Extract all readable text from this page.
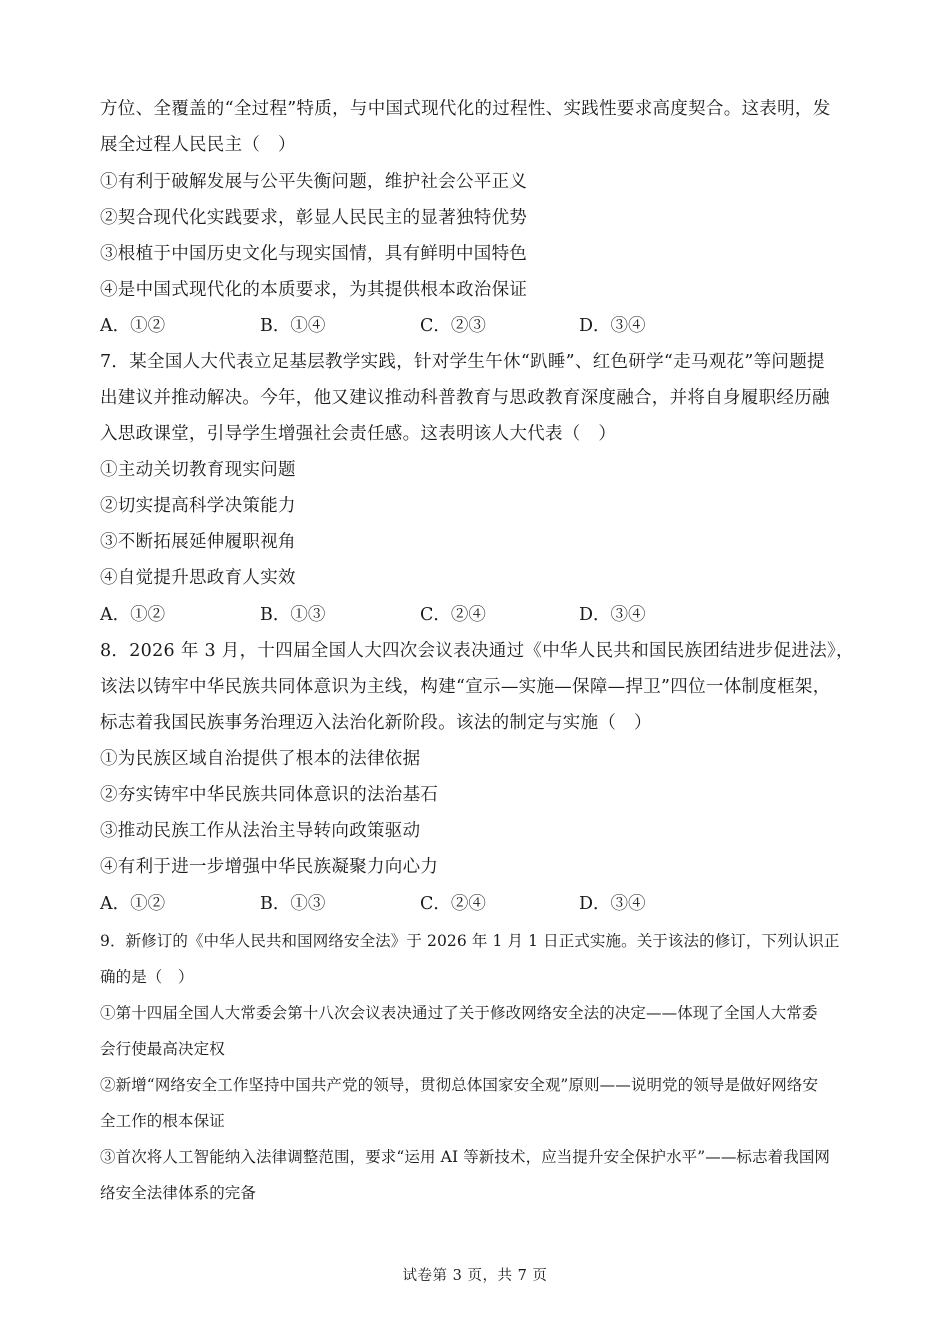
方位、全覆盖的“全过程”特质，与中国式现代化的过程性、实践性要求高度契合。这表明，发
展全过程人民民主（　）
①有利于破解发展与公平失衡问题，维护社会公平正义
②契合现代化实践要求，彰显人民民主的显著独特优势
③根植于中国历史文化与现实国情，具有鲜明中国特色
④是中国式现代化的本质要求，为其提供根本政治保证
A．①②	B．①④	C．②③	D．③④
7．某全国人大代表立足基层教学实践，针对学生午休“趴睡”、红色研学“走马观花”等问题提
出建议并推动解决。今年，他又建议推动科普教育与思政教育深度融合，并将自身履职经历融
入思政课堂，引导学生增强社会责任感。这表明该人大代表（　）
①主动关切教育现实问题
②切实提高科学决策能力
③不断拓展延伸履职视角
④自觉提升思政育人实效
A．①②	B．①③	C．②④	D．③④
8．2026 年 3 月，十四届全国人大四次会议表决通过《中华人民共和国民族团结进步促进法》，
该法以铸牢中华民族共同体意识为主线，构建“宣示—实施—保障—捍卫”四位一体制度框架，
标志着我国民族事务治理迈入法治化新阶段。该法的制定与实施（　）
①为民族区域自治提供了根本的法律依据
②夯实铸牢中华民族共同体意识的法治基石
③推动民族工作从法治主导转向政策驱动
④有利于进一步增强中华民族凝聚力向心力
A．①②	B．①③	C．②④	D．③④
9．新修订的《中华人民共和国网络安全法》于 2026 年 1 月 1 日正式实施。关于该法的修订，下列认识正
确的是（　）
①第十四届全国人大常委会第十八次会议表决通过了关于修改网络安全法的决定——体现了全国人大常委
会行使最高决定权
②新增“网络安全工作坚持中国共产党的领导，贯彻总体国家安全观”原则——说明党的领导是做好网络安
全工作的根本保证
③首次将人工智能纳入法律调整范围，要求“运用 AI 等新技术，应当提升安全保护水平”——标志着我国网
络安全法律体系的完备
试卷第 3 页，共 7 页
